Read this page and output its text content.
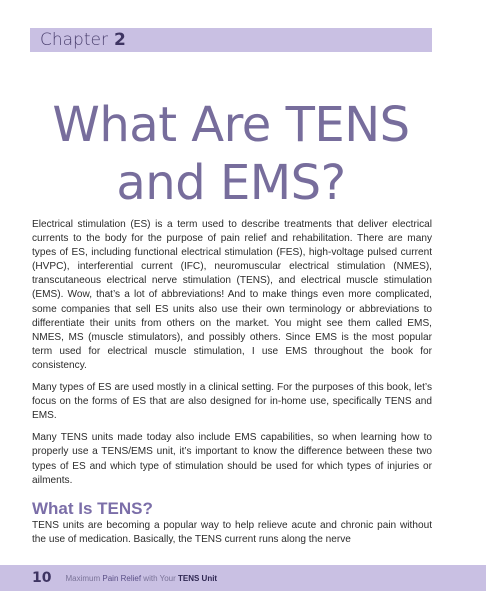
Chapter 2
What Are TENS
and EMS?

Electrical stimulation (ES) is a term used to describe treatments that deliver electrical currents to the body for the purpose of pain relief and rehabilitation. There are many types of ES, including functional electrical stimulation (FES), high-voltage pulsed current (HVPC), interferential current (IFC), neuromuscular electrical stimulation (NMES), transcutaneous electrical nerve stimulation (TENS), and electrical muscle stimulation (EMS). Wow, that’s a lot of abbreviations! And to make things even more complicated, some companies that sell ES units also use their own terminology or abbreviations to differentiate their units from others on the market. You might see them called EMS, NMES, MS (muscle stimulators), and possibly others. Since EMS is the most popular term used for electrical muscle stimulation, I use EMS throughout the book for consistency.

Many types of ES are used mostly in a clinical setting. For the purposes of this book, let’s focus on the forms of ES that are also designed for in-home use, specifically TENS and EMS.

Many TENS units made today also include EMS capabilities, so when learning how to properly use a TENS/EMS unit, it’s important to know the difference between these two types of ES and which type of stimulation should be used for which types of injuries or ailments.

What Is TENS?

TENS units are becoming a popular way to help relieve acute and chronic pain without the use of medication. Basically, the TENS current runs along the nerve

10 Maximum Pain Relief with Your TENS Unit
